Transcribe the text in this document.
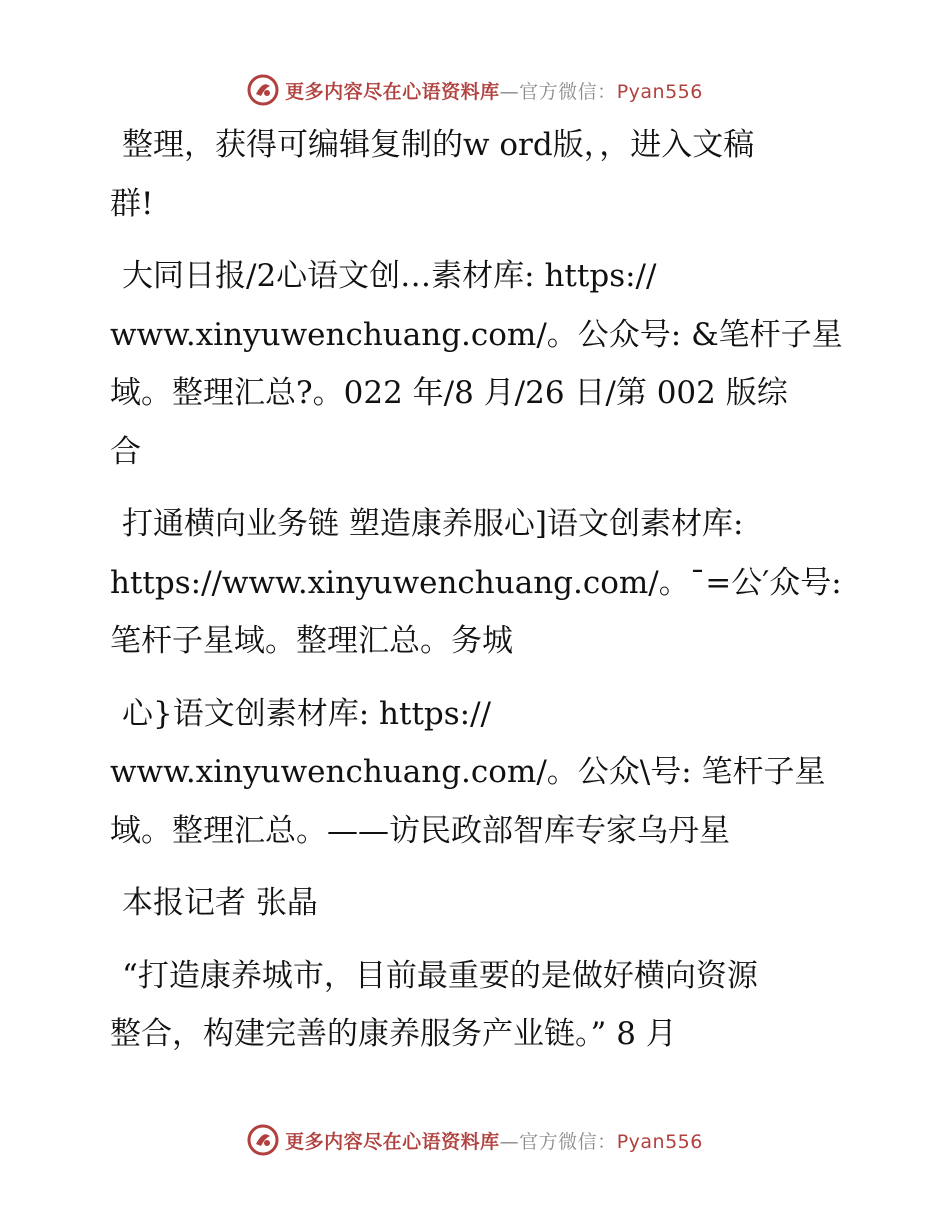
更多内容尽在心语资料库—官方微信：Pyan556

整理，获得可编辑复制的w ord版，，进入文稿
群!

大同日报/2心语文创…素材库: https://
www.xinyuwenchuang.com/。公众号: &笔杆子星
域。整理汇总?。022 年/8 月/26 日/第 002 版综
合

打通横向业务链 塑造康养服心]语文创素材库:
https://www.xinyuwenchuang.com/。¯=公′众号:
笔杆子星域。整理汇总。务城

心}语文创素材库: https://
www.xinyuwenchuang.com/。公众\号: 笔杆子星
域。整理汇总。——访民政部智库专家乌丹星

本报记者 张晶

“打造康养城市，目前最重要的是做好横向资源
整合，构建完善的康养服务产业链。” 8 月

更多内容尽在心语资料库—官方微信：Pyan556
